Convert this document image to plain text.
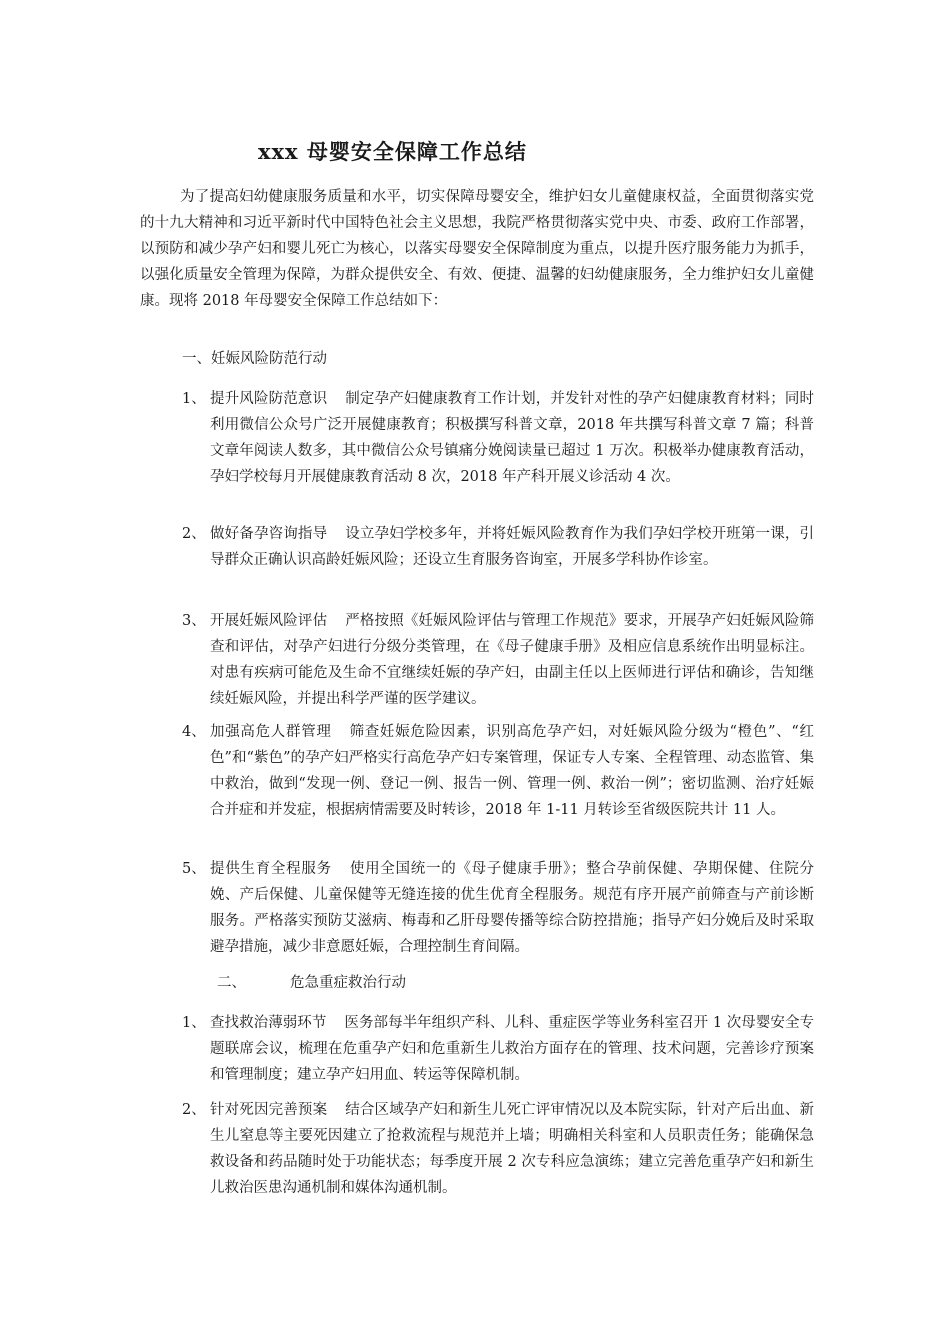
xxx 母婴安全保障工作总结
为了提高妇幼健康服务质量和水平，切实保障母婴安全，维护妇女儿童健康权益，全面贯彻落实党的十九大精神和习近平新时代中国特色社会主义思想，我院严格贯彻落实党中央、市委、政府工作部署，以预防和减少孕产妇和婴儿死亡为核心，以落实母婴安全保障制度为重点，以提升医疗服务能力为抓手，以强化质量安全管理为保障，为群众提供安全、有效、便捷、温馨的妇幼健康服务，全力维护妇女儿童健康。现将 2018 年母婴安全保障工作总结如下：
一、妊娠风险防范行动
1、 提升风险防范意识 制定孕产妇健康教育工作计划，并发针对性的孕产妇健康教育材料；同时利用微信公众号广泛开展健康教育；积极撰写科普文章，2018 年共撰写科普文章 7 篇；科普文章年阅读人数多，其中微信公众号镇痛分娩阅读量已超过 1 万次。积极举办健康教育活动，孕妇学校每月开展健康教育活动 8 次，2018 年产科开展义诊活动 4 次。
2、 做好备孕咨询指导 设立孕妇学校多年，并将妊娠风险教育作为我们孕妇学校开班第一课，引导群众正确认识高龄妊娠风险；还设立生育服务咨询室，开展多学科协作诊室。
3、 开展妊娠风险评估 严格按照《妊娠风险评估与管理工作规范》要求，开展孕产妇妊娠风险筛查和评估，对孕产妇进行分级分类管理，在《母子健康手册》及相应信息系统作出明显标注。对患有疾病可能危及生命不宜继续妊娠的孕产妇，由副主任以上医师进行评估和确诊，告知继续妊娠风险，并提出科学严谨的医学建议。
4、 加强高危人群管理 筛查妊娠危险因素，识别高危孕产妇，对妊娠风险分级为“橙色”、“红色”和“紫色”的孕产妇严格实行高危孕产妇专案管理，保证专人专案、全程管理、动态监管、集中救治，做到“发现一例、登记一例、报告一例、管理一例、救治一例”；密切监测、治疗妊娠合并症和并发症，根据病情需要及时转诊，2018 年 1-11 月转诊至省级医院共计 11 人。
5、 提供生育全程服务 使用全国统一的《母子健康手册》；整合孕前保健、孕期保健、住院分娩、产后保健、儿童保健等无缝连接的优生优育全程服务。规范有序开展产前筛查与产前诊断服务。严格落实预防艾滋病、梅毒和乙肝母婴传播等综合防控措施；指导产妇分娩后及时采取避孕措施，减少非意愿妊娠，合理控制生育间隔。
二、	危急重症救治行动
1、 查找救治薄弱环节 医务部每半年组织产科、儿科、重症医学等业务科室召开 1 次母婴安全专题联席会议，梳理在危重孕产妇和危重新生儿救治方面存在的管理、技术问题，完善诊疗预案和管理制度；建立孕产妇用血、转运等保障机制。
2、 针对死因完善预案 结合区域孕产妇和新生儿死亡评审情况以及本院实际，针对产后出血、新生儿窒息等主要死因建立了抢救流程与规范并上墙；明确相关科室和人员职责任务；能确保急救设备和药品随时处于功能状态；每季度开展 2 次专科应急演练；建立完善危重孕产妇和新生儿救治医患沟通机制和媒体沟通机制。
